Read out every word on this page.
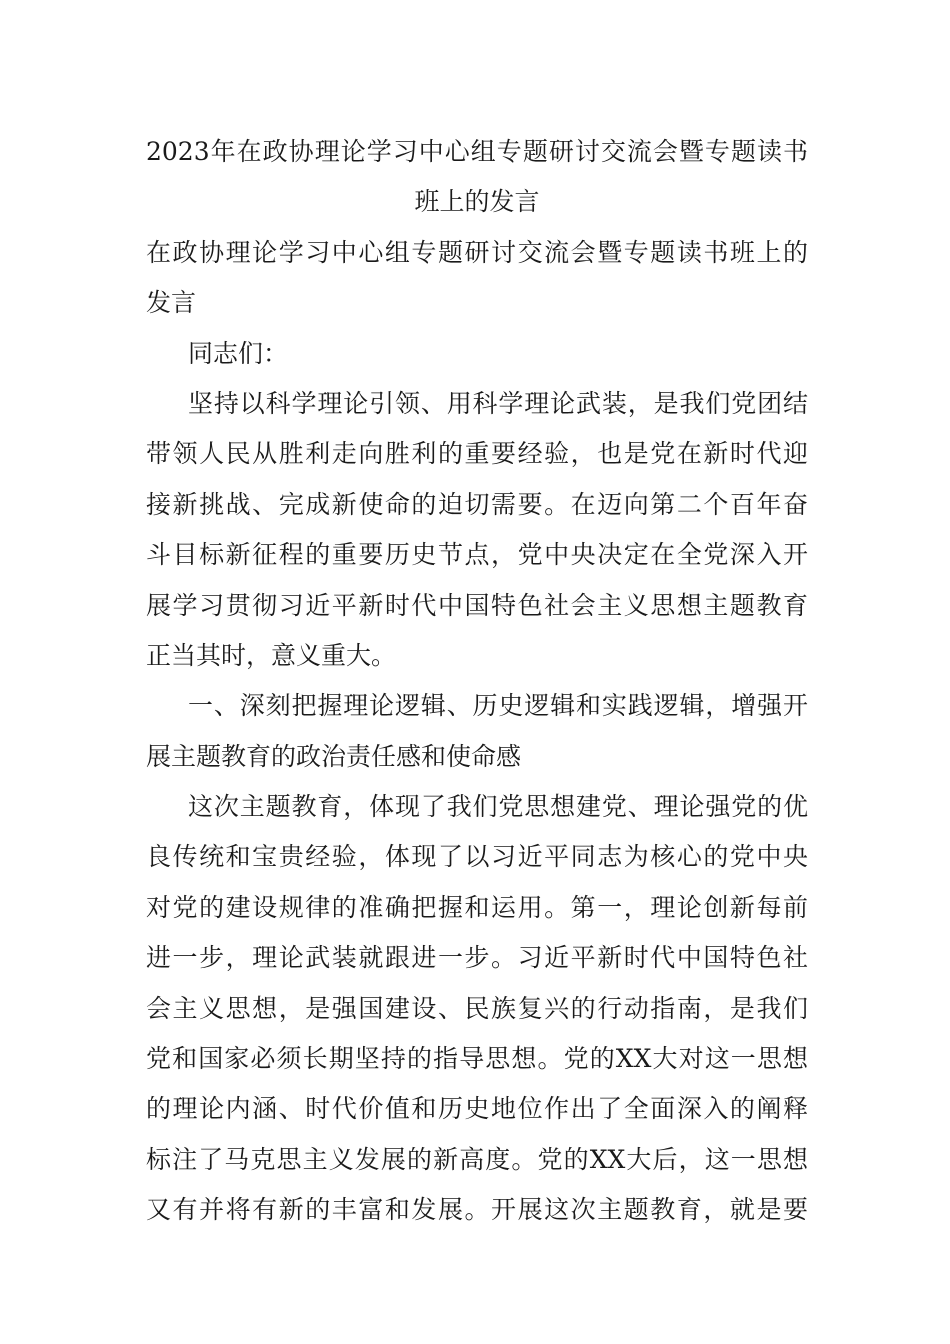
2023年在政协理论学习中心组专题研讨交流会暨专题读书
班上的发言
在政协理论学习中心组专题研讨交流会暨专题读书班上的
发言
同志们：
坚持以科学理论引领、用科学理论武装，是我们党团结
带领人民从胜利走向胜利的重要经验，也是党在新时代迎
接新挑战、完成新使命的迫切需要。在迈向第二个百年奋
斗目标新征程的重要历史节点，党中央决定在全党深入开
展学习贯彻习近平新时代中国特色社会主义思想主题教育
正当其时，意义重大。
一、深刻把握理论逻辑、历史逻辑和实践逻辑，增强开
展主题教育的政治责任感和使命感
这次主题教育，体现了我们党思想建党、理论强党的优
良传统和宝贵经验，体现了以习近平同志为核心的党中央
对党的建设规律的准确把握和运用。第一，理论创新每前
进一步，理论武装就跟进一步。习近平新时代中国特色社
会主义思想，是强国建设、民族复兴的行动指南，是我们
党和国家必须长期坚持的指导思想。党的XX大对这一思想
的理论内涵、时代价值和历史地位作出了全面深入的阐释
标注了马克思主义发展的新高度。党的XX大后，这一思想
又有并将有新的丰富和发展。开展这次主题教育，就是要
